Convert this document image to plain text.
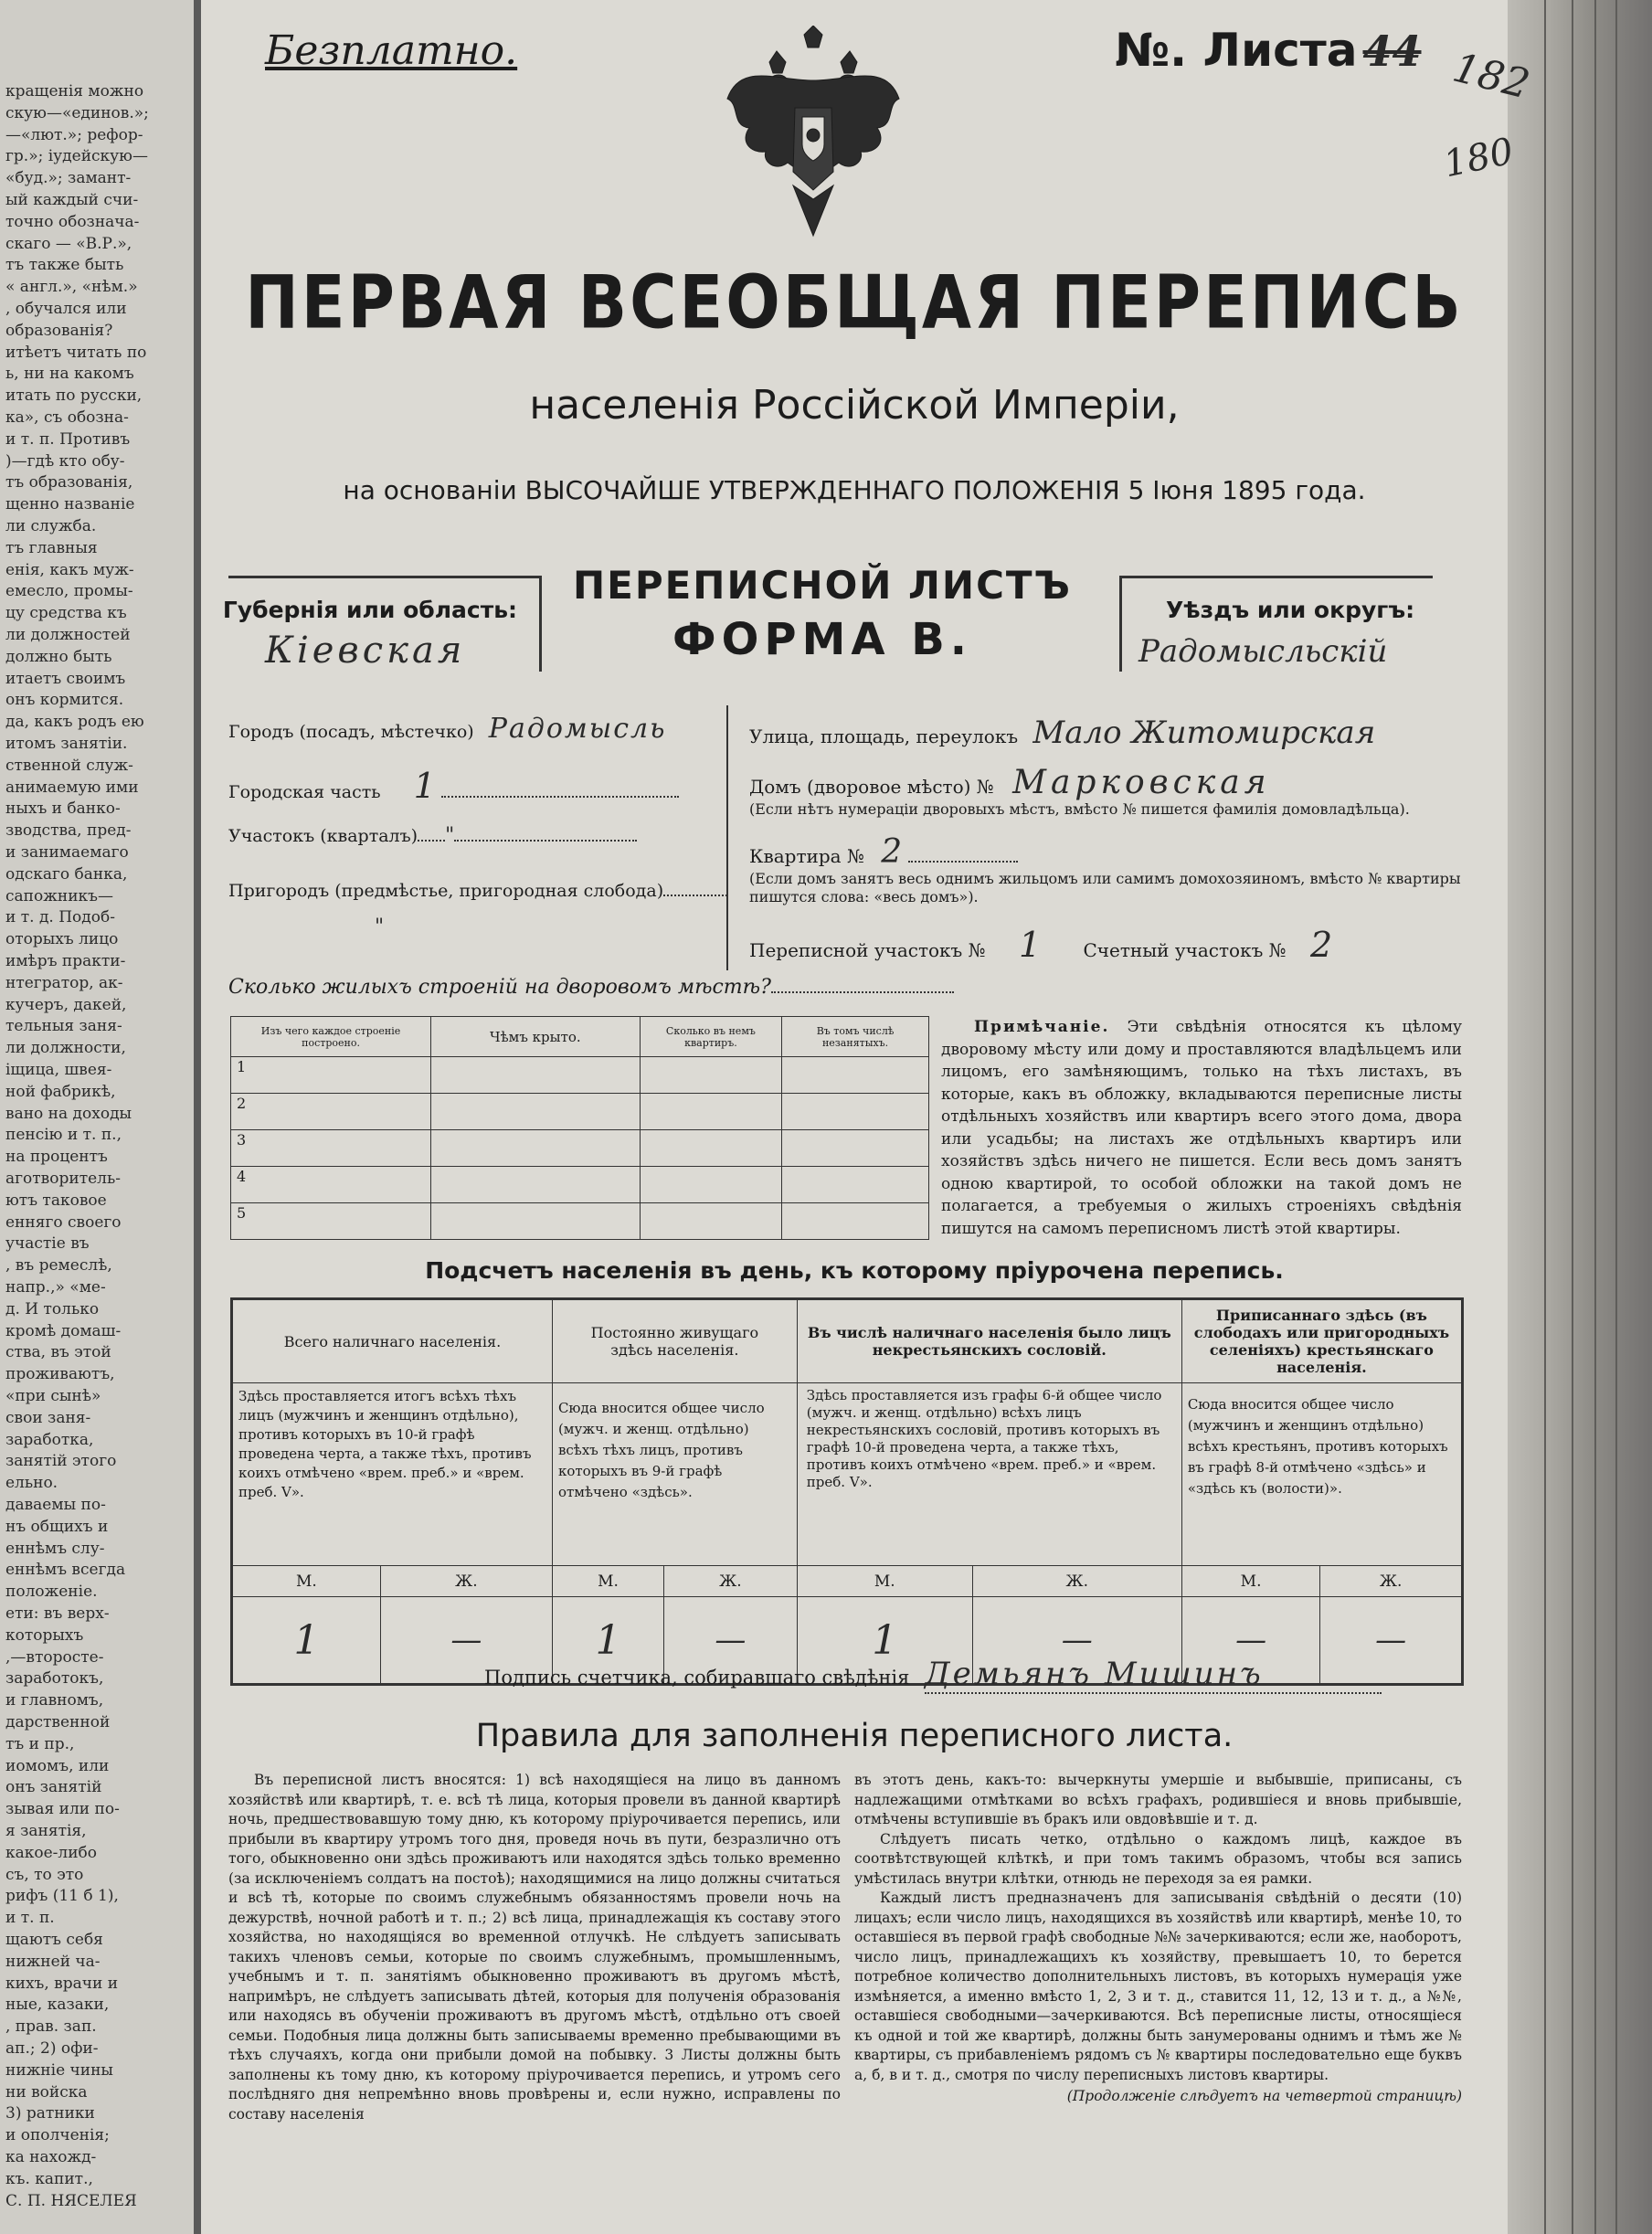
кращенія можно
скую—«единов.»;
—«лют.»; рефор-
гр.»; іудейскую—
«буд.»; замант-
ый каждый счи-
точно обознача-
скаго — «В.Р.»,
тъ также быть
« англ.», «нѣм.»
, обучался или
образованія?
итѣетъ читать по
ь, ни на какомъ
итать по русски,
ка», съ обозна-
и т. п. Противъ
)—гдѣ кто обу-
тъ образованія,
щенно названіе
ли служба.
тъ главныя
енія, какъ муж-
емесло, промы-
цу средства къ
ли должностей
должно быть
итаетъ своимъ
онъ кормится.
да, какъ родъ ею
итомъ занятіи.
ственной служ-
анимаемую ими
ныхъ и банко-
зводства, пред-
и занимаемаго
одскаго банка,
сапожникъ—
и т. д. Подоб-
оторыхъ лицо
имѣръ практи-
нтегратор, ак-
кучеръ, дакей,
тельныя заня-
ли должности,
іщица, швея-
ной фабрикѣ,
вано на доходы
пенсію и т. п.,
на процентъ
аготворитель-
ютъ таковое
енняго своего
участіе въ
, въ ремеслѣ,
напр.,» «ме-
д. И только
кромѣ домаш-
ства, въ этой
проживаютъ,
«при сынѣ»
свои заня-
заработка,
занятій этого
ельно.
даваемы по-
нъ общихъ и
еннѣмъ слу-
еннѣмъ всегда
положеніе.
ети: въ верх-
которыхъ
,—второсте-
заработокъ,
и главномъ,
дарственной
тъ и пр.,
иомомъ, или
онъ занятій
зывая или по-
я занятія,
какое-либо
съ, то это
рифъ (11 б 1),
и т. п.
щаютъ себя
нижней ча-
кихъ, врачи и
ные, казаки,
, прав. зап.
ап.; 2) офи-
нижніе чины
ни войска
3) ратники
и ополченія;
ка нахожд-
къ. капит.,
С. П. НЯСЕЛЕЯ
Безплатно.	№. Листа 44 182
180
ПЕРВАЯ ВСЕОБЩАЯ ПЕРЕПИСЬ
населенія Россійской Имперіи,
на основаніи ВЫСОЧАЙШЕ УТВЕРЖДЕННАГО ПОЛОЖЕНІЯ 5 Іюня 1895 года.
Губернія или область:
Кіевская
ПЕРЕПИСНОЙ ЛИСТЪ
ФОРМА В.
Уѣздъ или округъ:
Радомысльскій
Городъ (посадъ, мѣстечко) Радомысль
Городская часть 1
Участокъ (кварталъ) "
Пригородъ (предмѣстье, пригородная слобода)
"
Улица, площадь, переулокъ Мало Житомирская
Домъ (дворовое мѣсто) № Марковская
(Если нѣтъ нумераціи дворовыхъ мѣстъ, вмѣсто № пишется фамилія домовладѣльца).
Квартира № 2
(Если домъ занятъ весь однимъ жильцомъ или самимъ домохозяиномъ, вмѣсто № квартиры пишутся слова: «весь домъ»).
Переписной участокъ № 1 Счетный участокъ № 2
Сколько жилыхъ строеній на дворовомъ мѣстѣ?
Изъ чего каждое строеніе построено.	Чѣмъ крыто.	Сколько въ немъ квартиръ.	Въ томъ числѣ незанятыхъ.
1			
2			
3			
4			
5			
Примѣчаніе. Эти свѣдѣнія относятся къ цѣлому дворовому мѣсту или дому и проставляются владѣльцемъ или лицомъ, его замѣняющимъ, только на тѣхъ листахъ, въ которые, какъ въ обложку, вкладываются переписные листы отдѣльныхъ хозяйствъ или квартиръ всего этого дома, двора или усадьбы; на листахъ же отдѣльныхъ квартиръ или хозяйствъ здѣсь ничего не пишется. Если весь домъ занятъ одною квартирой, то особой обложки на такой домъ не полагается, а требуемыя о жилыхъ строеніяхъ свѣдѣнія пишутся на самомъ переписномъ листѣ этой квартиры.
Подсчетъ населенія въ день, къ которому пріурочена перепись.
Всего наличнаго населенія.		Постоянно живущаго здѣсь населенія.		Въ числѣ наличнаго населенія было лицъ некрестьянскихъ сословій.		Приписаннаго здѣсь (въ слободахъ или пригородныхъ селеніяхъ) крестьянскаго населенія.	
Здѣсь проставляется итогъ всѣхъ тѣхъ лицъ (мужчинъ и женщинъ отдѣльно), противъ которыхъ въ 10-й графѣ проведена черта, а также тѣхъ, противъ коихъ отмѣчено «врем. преб.» и «врем. преб. V».		Сюда вносится общее число (мужч. и женщ. отдѣльно) всѣхъ тѣхъ лицъ, противъ которыхъ въ 9-й графѣ отмѣчено «здѣсь».		Здѣсь проставляется изъ графы 6-й общее число (мужч. и женщ. отдѣльно) всѣхъ лицъ некрестьянскихъ сословій, противъ которыхъ въ графѣ 10-й проведена черта, а также тѣхъ, противъ коихъ отмѣчено «врем. преб.» и «врем. преб. V».		Сюда вносится общее число (мужчинъ и женщинъ отдѣльно) всѣхъ крестьянъ, противъ которыхъ въ графѣ 8-й отмѣчено «здѣсь» и «здѣсь къ (волости)».	
М.	Ж.	М.	Ж.	М.	Ж.	М.	Ж.
1	—	1	—	1	—	—	—
Подпись счетчика, собиравшаго свѣдѣнія Демьянъ Мишинъ
Правила для заполненія переписного листа.
Въ переписной листъ вносятся: 1) всѣ находящіеся на лицо въ данномъ хозяйствѣ или квартирѣ, т. е. всѣ тѣ лица, которыя провели въ данной квартирѣ ночь, предшествовавшую тому дню, къ которому пріурочивается перепись, или прибыли въ квартиру утромъ того дня, проведя ночь въ пути, безразлично отъ того, обыкновенно они здѣсь проживаютъ или находятся здѣсь только временно (за исключеніемъ солдатъ на постоѣ); находящимися на лицо должны считаться и всѣ тѣ, которые по своимъ служебнымъ обязанностямъ провели ночь на дежурствѣ, ночной работѣ и т. п.; 2) всѣ лица, принадлежащія къ составу этого хозяйства, но находящіяся во временной отлучкѣ. Не слѣдуетъ записывать такихъ членовъ семьи, которые по своимъ служебнымъ, промышленнымъ, учебнымъ и т. п. занятіямъ обыкновенно проживаютъ въ другомъ мѣстѣ, напримѣръ, не слѣдуетъ записывать дѣтей, которыя для полученія образованія или находясь въ обученіи проживаютъ въ другомъ мѣстѣ, отдѣльно отъ своей семьи. Подобныя лица должны быть записываемы временно пребывающими въ тѣхъ случаяхъ, когда они прибыли домой на побывку. 3 Листы должны быть заполнены къ тому дню, къ которому пріурочивается перепись, и утромъ сего послѣдняго дня непремѣнно вновь провѣрены и, если нужно, исправлены по составу населенія

въ этотъ день, какъ-то: вычеркнуты умершіе и выбывшіе, приписаны, съ надлежащими отмѣтками во всѣхъ графахъ, родившіеся и вновь прибывшіе, отмѣчены вступившіе въ бракъ или овдовѣвшіе и т. д.

Слѣдуетъ писать четко, отдѣльно о каждомъ лицѣ, каждое въ соотвѣтствующей клѣткѣ, и при томъ такимъ образомъ, чтобы вся запись умѣстилась внутри клѣтки, отнюдь не переходя за ея рамки.

Каждый листъ предназначенъ для записыванія свѣдѣній о десяти (10) лицахъ; если число лицъ, находящихся въ хозяйствѣ или квартирѣ, менѣе 10, то оставшіеся въ первой графѣ свободные №№ зачеркиваются; если же, наоборотъ, число лицъ, принадлежащихъ къ хозяйству, превышаетъ 10, то берется потребное количество дополнительныхъ листовъ, въ которыхъ нумерація уже измѣняется, а именно вмѣсто 1, 2, 3 и т. д., ставится 11, 12, 13 и т. д., а №№, оставшіеся свободными—зачеркиваются. Всѣ переписные листы, относящіеся къ одной и той же квартирѣ, должны быть занумерованы однимъ и тѣмъ же № квартиры, съ прибавленіемъ рядомъ съ № квартиры последовательно еще буквъ а, б, в и т. д., смотря по числу переписныхъ листовъ квартиры.

(Продолженіе слѣдуетъ на четвертой страницѣ)
